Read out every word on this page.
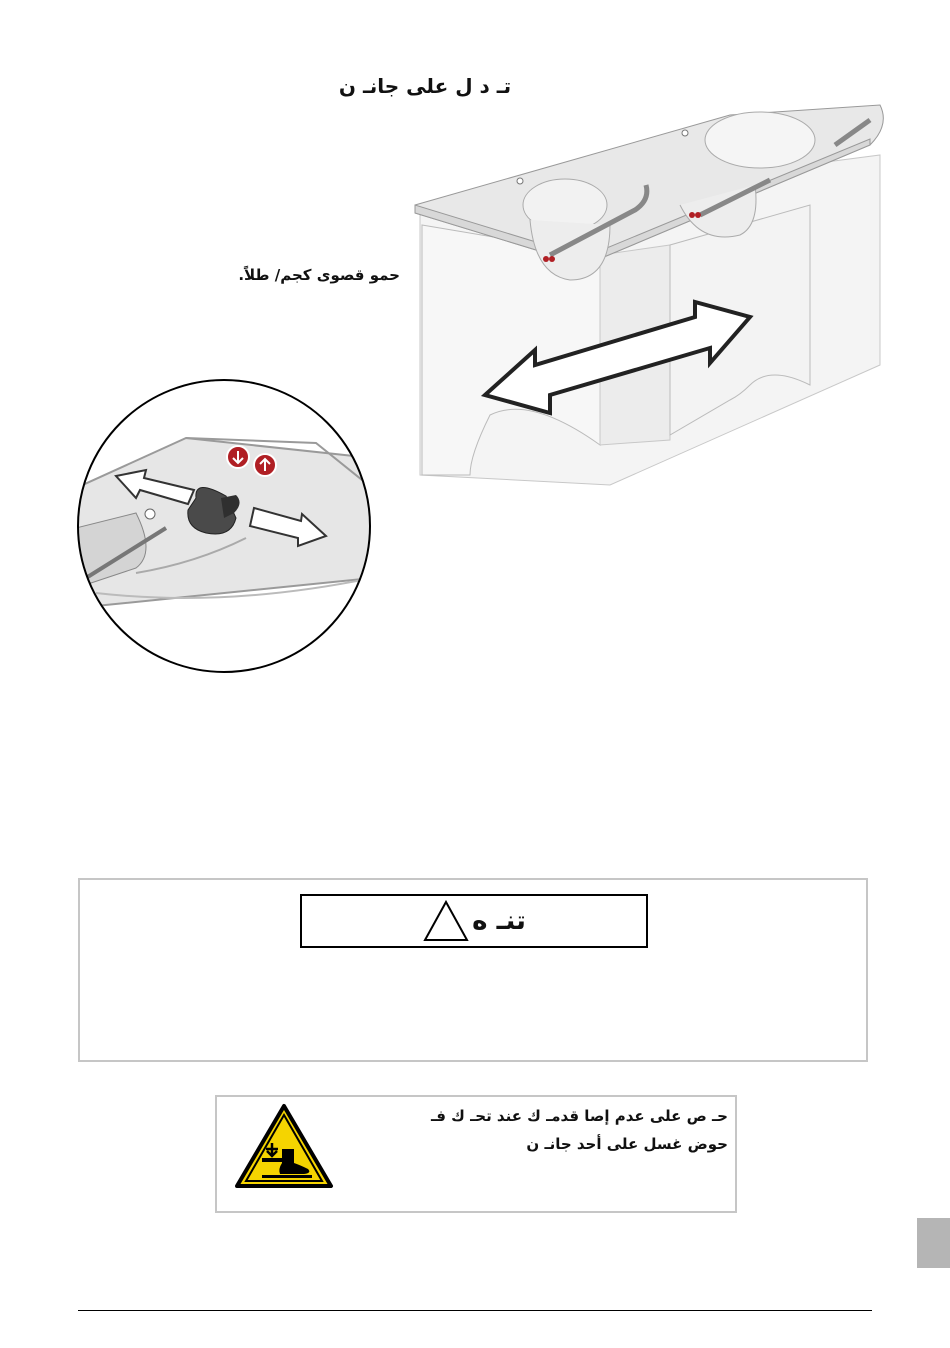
تـ د ل على جانـ ن
حمو قصوى كجم/ طلاً.
تنـ ه
حـ ص على عدم إصا قدمـ ك عند تحـ ك فـ
حوض غسل على أحد جانـ ن
